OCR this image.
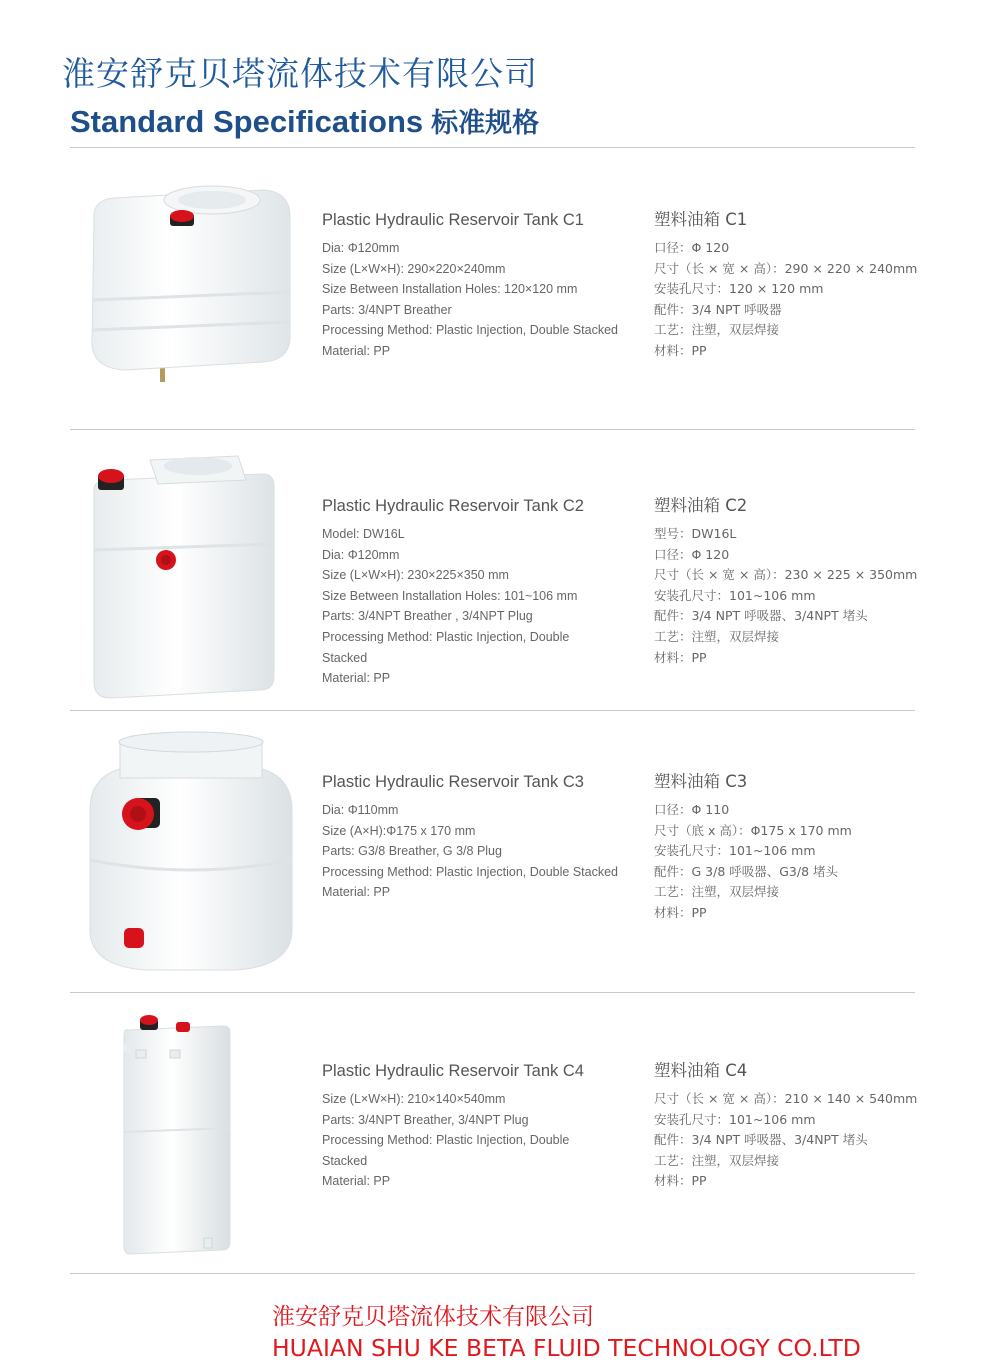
淮安舒克贝塔流体技术有限公司
Standard Specifications 标准规格
Plastic Hydraulic Reservoir Tank C1
Dia: Φ120mm
Size (L×W×H): 290×220×240mm
Size Between Installation Holes: 120×120 mm
Parts: 3/4NPT Breather
Processing Method: Plastic Injection, Double Stacked
Material: PP
塑料油箱 C1
口径：Φ 120
尺寸（长 × 宽 × 高）：290 × 220 × 240mm
安装孔尺寸：120 × 120 mm
配件：3/4 NPT 呼吸器
工艺：注塑，双层焊接
材料：PP
Plastic Hydraulic Reservoir Tank C2
Model: DW16L
Dia: Φ120mm
Size (L×W×H): 230×225×350 mm
Size Between Installation Holes: 101~106 mm
Parts: 3/4NPT Breather , 3/4NPT Plug
Processing Method: Plastic Injection, Double
Stacked
Material: PP
塑料油箱 C2
型号：DW16L
口径：Φ 120
尺寸（长 × 宽 × 高）：230 × 225 × 350mm
安装孔尺寸：101~106 mm
配件：3/4 NPT 呼吸器、3/4NPT 堵头
工艺：注塑，双层焊接
材料：PP
Plastic Hydraulic Reservoir Tank C3
Dia: Φ110mm
Size (A×H):Φ175 x 170 mm
Parts: G3/8 Breather, G 3/8 Plug
Processing Method: Plastic Injection, Double Stacked
Material: PP
塑料油箱 C3
口径：Φ 110
尺寸（底 x 高）：Φ175 x 170 mm
安装孔尺寸：101~106 mm
配件：G 3/8 呼吸器、G3/8 堵头
工艺：注塑，双层焊接
材料：PP
Plastic Hydraulic Reservoir Tank C4
Size (L×W×H): 210×140×540mm
Parts: 3/4NPT Breather, 3/4NPT Plug
Processing Method: Plastic Injection, Double
Stacked
Material: PP
塑料油箱 C4
尺寸（长 × 宽 × 高）：210 × 140 × 540mm
安装孔尺寸：101~106 mm
配件：3/4 NPT 呼吸器、3/4NPT 堵头
工艺：注塑，双层焊接
材料：PP
淮安舒克贝塔流体技术有限公司
HUAIAN SHU KE BETA FLUID TECHNOLOGY CO.LTD
